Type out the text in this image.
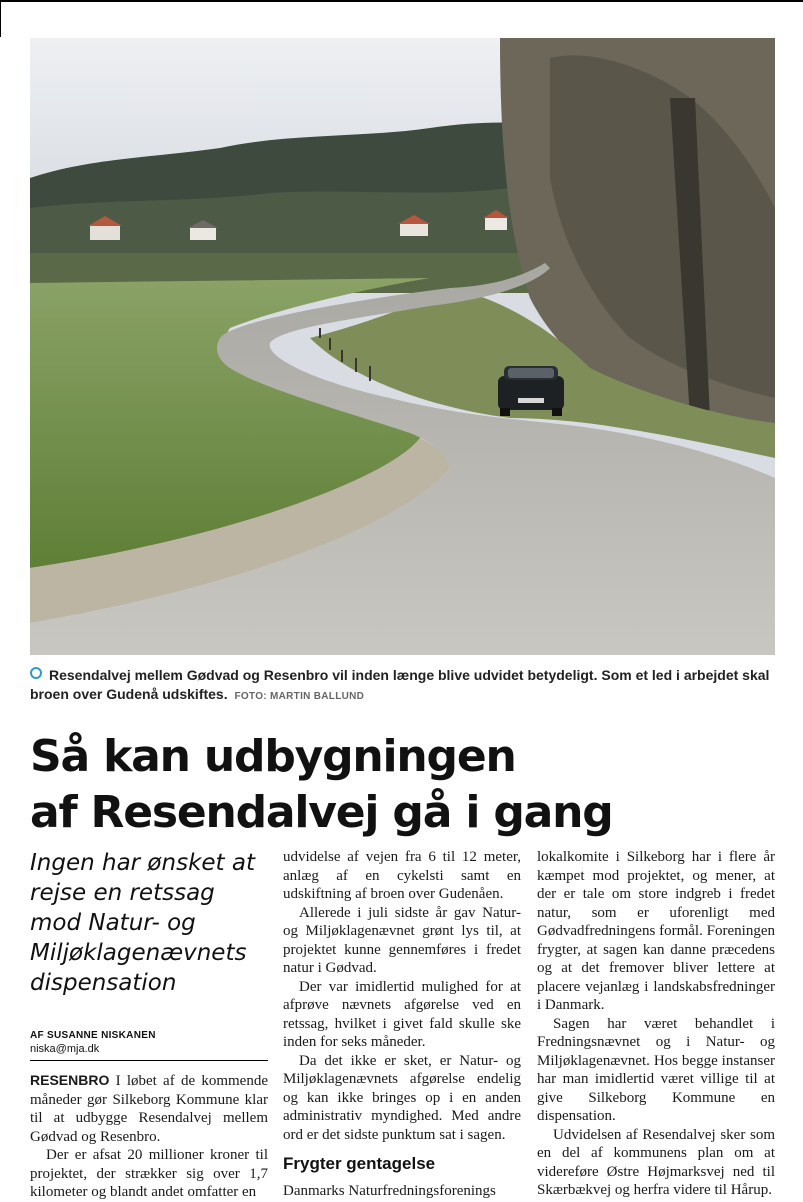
Resendalvej mellem Gødvad og Resenbro vil inden længe blive udvidet betydeligt. Som et led i arbejdet skal broen over Gudenå udskiftes. FOTO: MARTIN BALLUND
Så kan udbygningen
af Resendalvej gå i gang

Ingen har ønsket at rejse en retssag mod Natur- og Miljøklagenævnets dispensation

AF SUSANNE NISKANEN
niska@mja.dk

RESENBRO I løbet af de kommende måneder gør Silkeborg Kommune klar til at udbygge Resendalvej mellem Gødvad og Resenbro.

Der er afsat 20 millioner kroner til projektet, der strækker sig over 1,7 kilometer og blandt andet omfatter en

udvidelse af vejen fra 6 til 12 meter, anlæg af en cykelsti samt en udskiftning af broen over Gudenåen.

Allerede i juli sidste år gav Natur- og Miljøklagenævnet grønt lys til, at projektet kunne gennemføres i fredet natur i Gødvad.

Der var imidlertid mulighed for at afprøve nævnets afgørelse ved en retssag, hvilket i givet fald skulle ske inden for seks måneder.

Da det ikke er sket, er Natur- og Miljøklagenævnets afgørelse endelig og kan ikke bringes op i en anden administrativ myndighed. Med andre ord er det sidste punktum sat i sagen.

Frygter gentagelse

Danmarks Naturfredningsforenings

lokalkomite i Silkeborg har i flere år kæmpet mod projektet, og mener, at der er tale om store indgreb i fredet natur, som er uforenligt med Gødvadfredningens formål. Foreningen frygter, at sagen kan danne præcedens og at det fremover bliver lettere at placere vejanlæg i landskabsfredninger i Danmark.

Sagen har været behandlet i Fredningsnævnet og i Natur- og Miljøklagenævnet. Hos begge instanser har man imidlertid været villige til at give Silkeborg Kommune en dispensation.

Udvidelsen af Resendalvej sker som en del af kommunens plan om at videreføre Østre Højmarksvej ned til Skærbækvej og herfra videre til Hårup.
